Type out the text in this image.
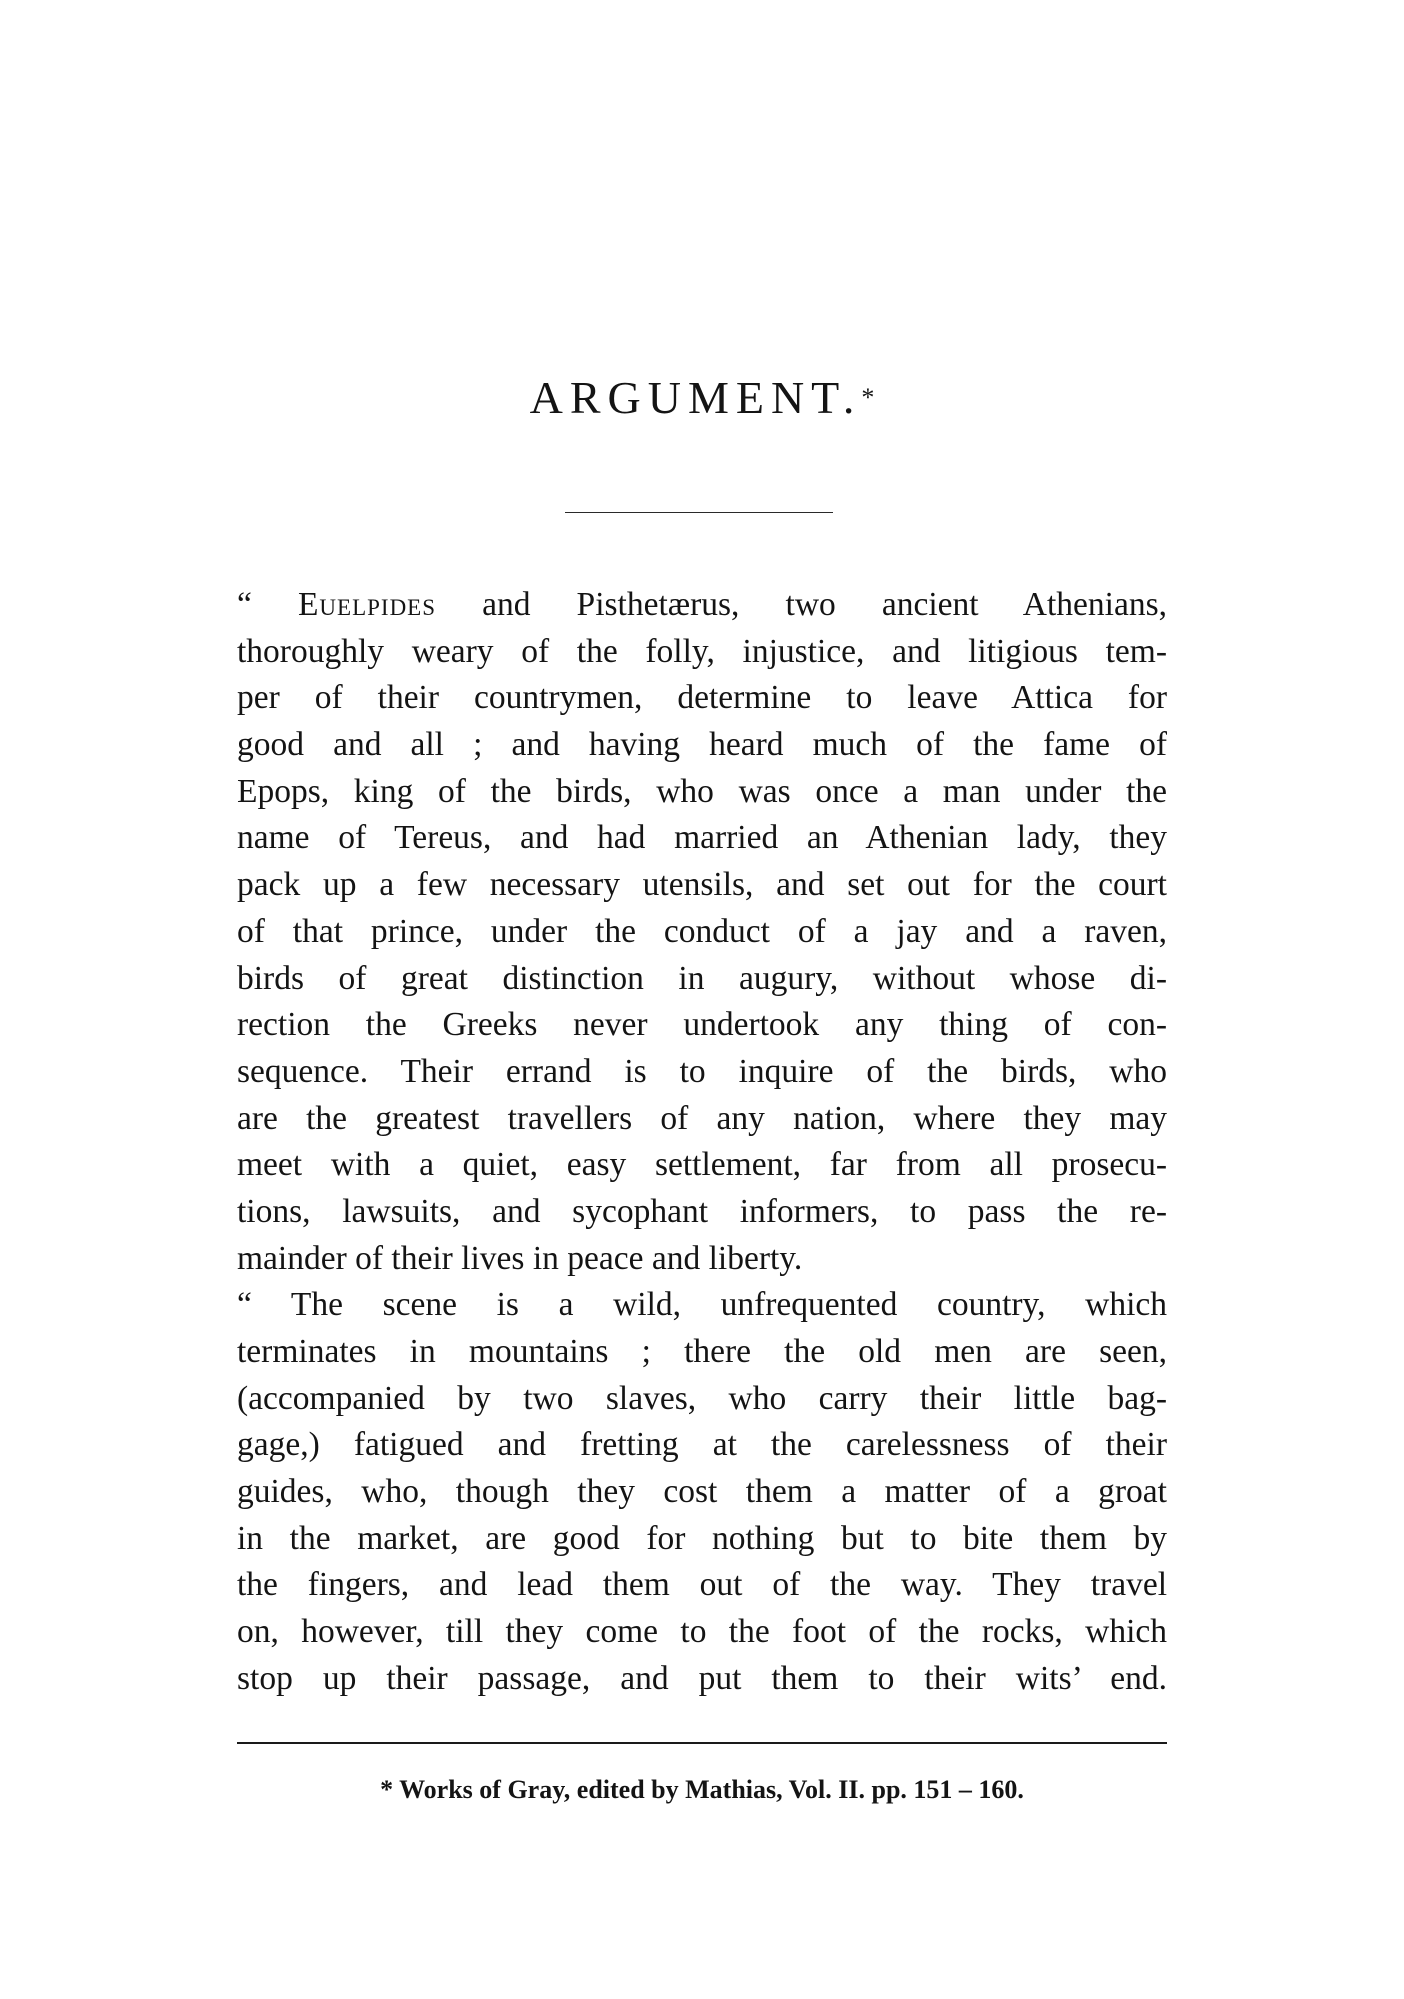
ARGUMENT.*
“ Euelpides and Pisthetærus, two ancient Athenians,
thoroughly weary of the folly, injustice, and litigious tem-
per of their countrymen, determine to leave Attica for
good and all ; and having heard much of the fame of
Epops, king of the birds, who was once a man under the
name of Tereus, and had married an Athenian lady, they
pack up a few necessary utensils, and set out for the court
of that prince, under the conduct of a jay and a raven,
birds of great distinction in augury, without whose di-
rection the Greeks never undertook any thing of con-
sequence. Their errand is to inquire of the birds, who
are the greatest travellers of any nation, where they may
meet with a quiet, easy settlement, far from all prosecu-
tions, lawsuits, and sycophant informers, to pass the re-
mainder of their lives in peace and liberty.
“ The scene is a wild, unfrequented country, which
terminates in mountains ; there the old men are seen,
(accompanied by two slaves, who carry their little bag-
gage,) fatigued and fretting at the carelessness of their
guides, who, though they cost them a matter of a groat
in the market, are good for nothing but to bite them by
the fingers, and lead them out of the way. They travel
on, however, till they come to the foot of the rocks, which
stop up their passage, and put them to their wits’ end.
* Works of Gray, edited by Mathias, Vol. II. pp. 151 – 160.
